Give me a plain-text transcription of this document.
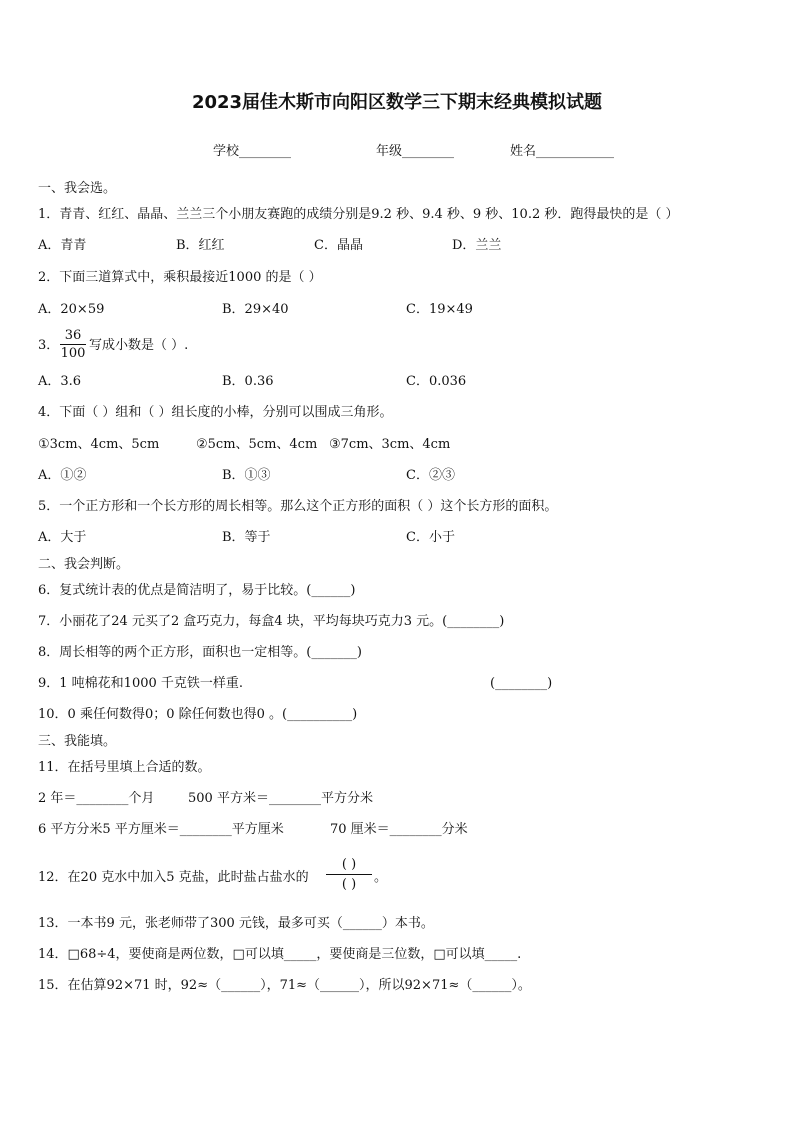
2023届佳木斯市向阳区数学三下期末经典模拟试题
学校________	年级________	姓名____________
一、我会选。
1．青青、红红、晶晶、兰兰三个小朋友赛跑的成绩分别是9.2 秒、9.4 秒、9 秒、10.2 秒．跑得最快的是（ ）
A．青青	B．红红	C．晶晶	D．兰兰
2．下面三道算式中，乘积最接近1000 的是（ ）
A．20×59	B．29×40	C．19×49
3． $\frac{36}{100}$ 写成小数是（ ）.
A．3.6	B．0.36	C．0.036
4．下面（ ）组和（ ）组长度的小棒，分别可以围成三角形。
①3cm、4cm、5cm	②5cm、5cm、4cm ③7cm、3cm、4cm
A．①②	B．①③	C．②③
5．一个正方形和一个长方形的周长相等。那么这个正方形的面积（ ）这个长方形的面积。
A．大于	B．等于	C．小于
二、我会判断。
6．复式统计表的优点是简洁明了，易于比较。(______)
7．小丽花了24 元买了2 盒巧克力，每盒4 块，平均每块巧克力3 元。(________)
8．周长相等的两个正方形，面积也一定相等。(_______)
9．1 吨棉花和1000 千克铁一样重.	(________)
10．0 乘任何数得0；0 除任何数也得0 。(__________)
三、我能填。
11．在括号里填上合适的数。
2 年＝________个月	500 平方米＝________平方分米
6 平方分米5 平方厘米＝________平方厘米	70 厘米＝________分米
12．在20 克水中加入5 克盐，此时盐占盐水的
( )
( )	。
13．一本书9 元，张老师带了300 元钱，最多可买（______）本书。
14．□68÷4，要使商是两位数，□可以填_____，要使商是三位数，□可以填_____.
15．在估算92×71 时，92≈（______），71≈（______），所以92×71≈（______）。
